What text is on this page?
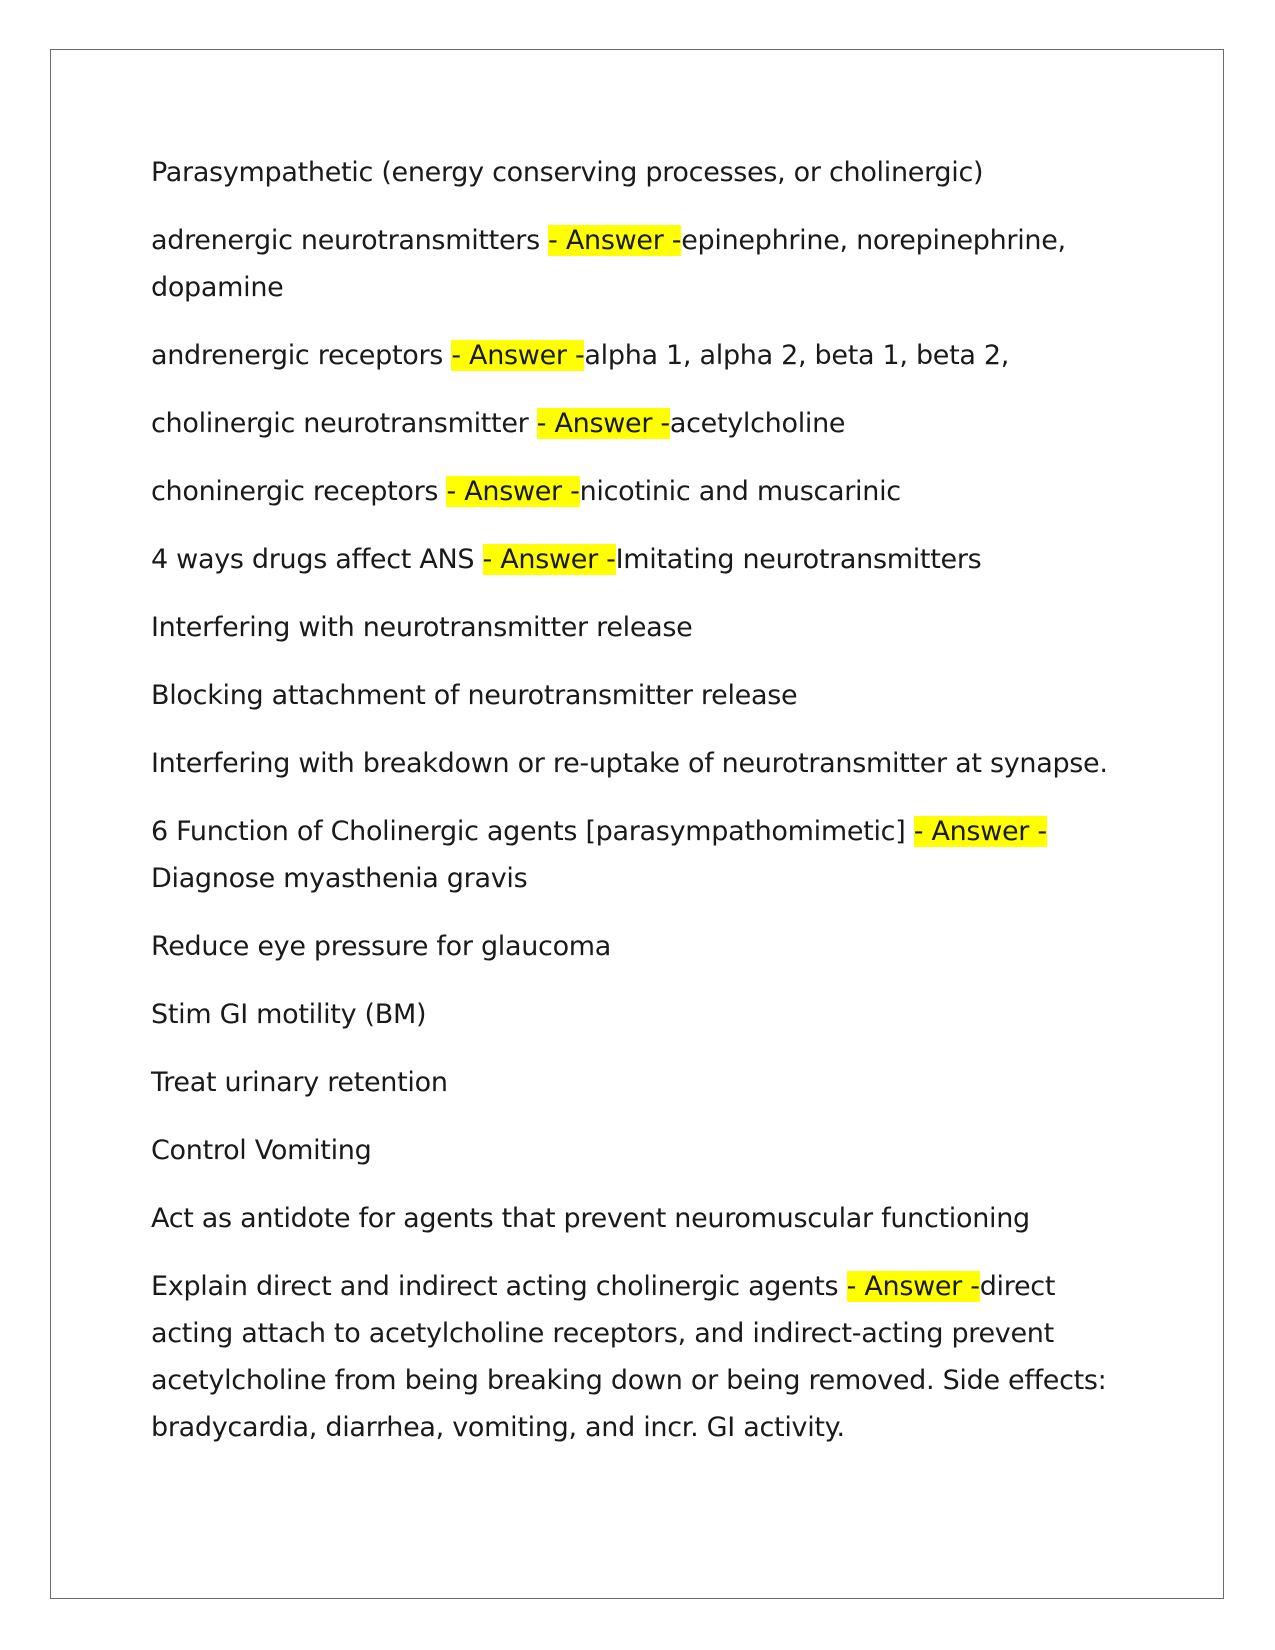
Parasympathetic (energy conserving processes, or cholinergic)

adrenergic neurotransmitters - Answer -epinephrine, norepinephrine, dopamine

andrenergic receptors - Answer -alpha 1, alpha 2, beta 1, beta 2,

cholinergic neurotransmitter - Answer -acetylcholine

choninergic receptors - Answer -nicotinic and muscarinic

4 ways drugs affect ANS - Answer -Imitating neurotransmitters

Interfering with neurotransmitter release

Blocking attachment of neurotransmitter release

Interfering with breakdown or re-uptake of neurotransmitter at synapse.

6 Function of Cholinergic agents [parasympathomimetic] - Answer -
Diagnose myasthenia gravis

Reduce eye pressure for glaucoma

Stim GI motility (BM)

Treat urinary retention

Control Vomiting

Act as antidote for agents that prevent neuromuscular functioning

Explain direct and indirect acting cholinergic agents - Answer -direct acting attach to acetylcholine receptors, and indirect-acting prevent acetylcholine from being breaking down or being removed. Side effects: bradycardia, diarrhea, vomiting, and incr. GI activity.
